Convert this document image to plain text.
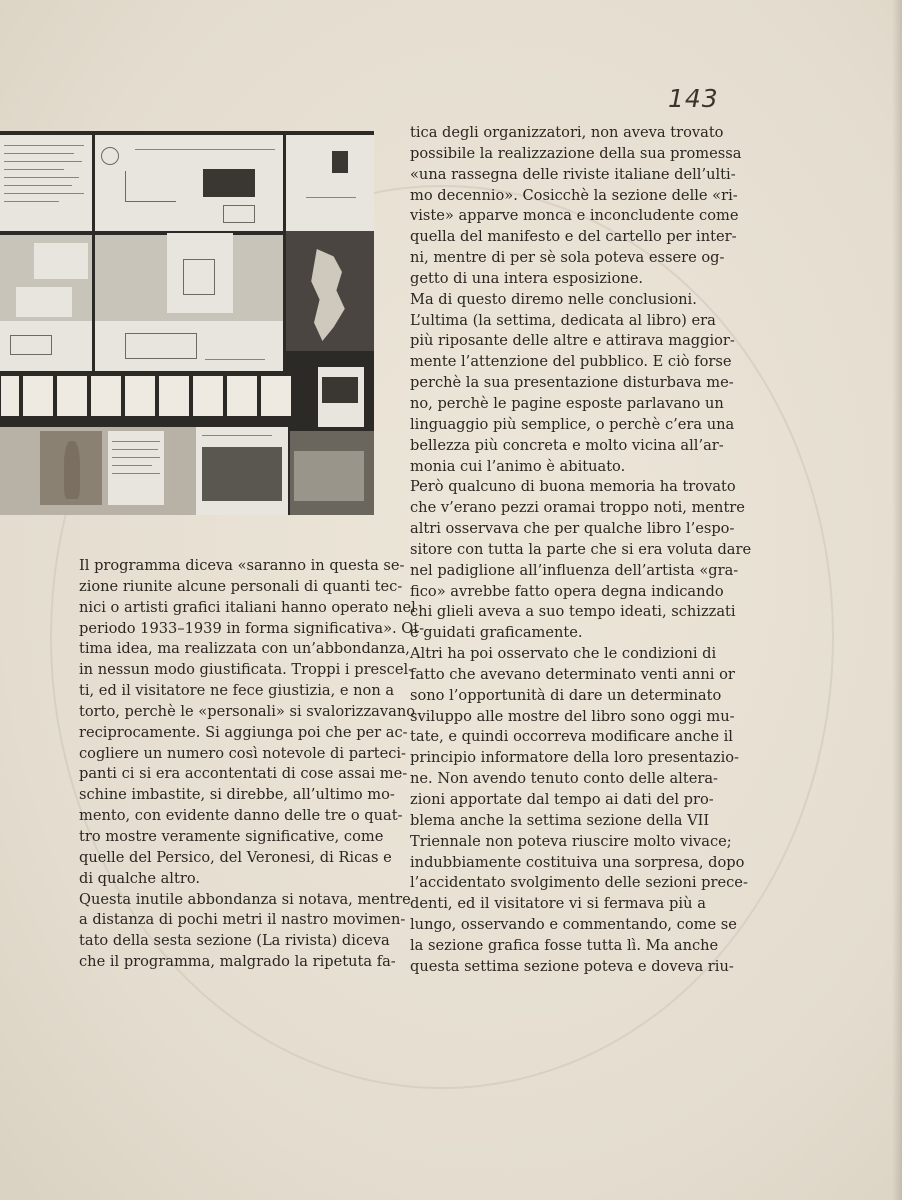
143

Il programma diceva «saranno in questa se-
zione riunite alcune personali di quanti tec-
nici o artisti grafici italiani hanno operato nel
periodo 1933–1939 in forma significativa». Ot-
tima idea, ma realizzata con un’abbondanza,
in nessun modo giustificata. Troppi i prescel-
ti, ed il visitatore ne fece giustizia, e non a
torto, perchè le «personali» si svalorizzavano
reciprocamente. Si aggiunga poi che per ac-
cogliere un numero così notevole di parteci-
panti ci si era accontentati di cose assai me-
schine imbastite, si direbbe, all’ultimo mo-
mento, con evidente danno delle tre o quat-
tro mostre veramente significative, come
quelle del Persico, del Veronesi, di Ricas e
di qualche altro.
Questa inutile abbondanza si notava, mentre
a distanza di pochi metri il nastro movimen-
tato della sesta sezione (La rivista) diceva
che il programma, malgrado la ripetuta fa-

tica degli organizzatori, non aveva trovato
possibile la realizzazione della sua promessa
«una rassegna delle riviste italiane dell’ulti-
mo decennio». Cosicchè la sezione delle «ri-
viste» apparve monca e inconcludente come
quella del manifesto e del cartello per inter-
ni, mentre di per sè sola poteva essere og-
getto di una intera esposizione.
Ma di questo diremo nelle conclusioni.
L’ultima (la settima, dedicata al libro) era
più riposante delle altre e attirava maggior-
mente l’attenzione del pubblico. E ciò forse
perchè la sua presentazione disturbava me-
no, perchè le pagine esposte parlavano un
linguaggio più semplice, o perchè c’era una
bellezza più concreta e molto vicina all’ar-
monia cui l’animo è abituato.
Però qualcuno di buona memoria ha trovato
che v’erano pezzi oramai troppo noti, mentre
altri osservava che per qualche libro l’espo-
sitore con tutta la parte che si era voluta dare
nel padiglione all’influenza dell’artista «gra-
fico» avrebbe fatto opera degna indicando
chi glieli aveva a suo tempo ideati, schizzati
e guidati graficamente.
Altri ha poi osservato che le condizioni di
fatto che avevano determinato venti anni or
sono l’opportunità di dare un determinato
sviluppo alle mostre del libro sono oggi mu-
tate, e quindi occorreva modificare anche il
principio informatore della loro presentazio-
ne. Non avendo tenuto conto delle altera-
zioni apportate dal tempo ai dati del pro-
blema anche la settima sezione della VII
Triennale non poteva riuscire molto vivace;
indubbiamente costituiva una sorpresa, dopo
l’accidentato svolgimento delle sezioni prece-
denti, ed il visitatore vi si fermava più a
lungo, osservando e commentando, come se
la sezione grafica fosse tutta lì. Ma anche
questa settima sezione poteva e doveva riu-
